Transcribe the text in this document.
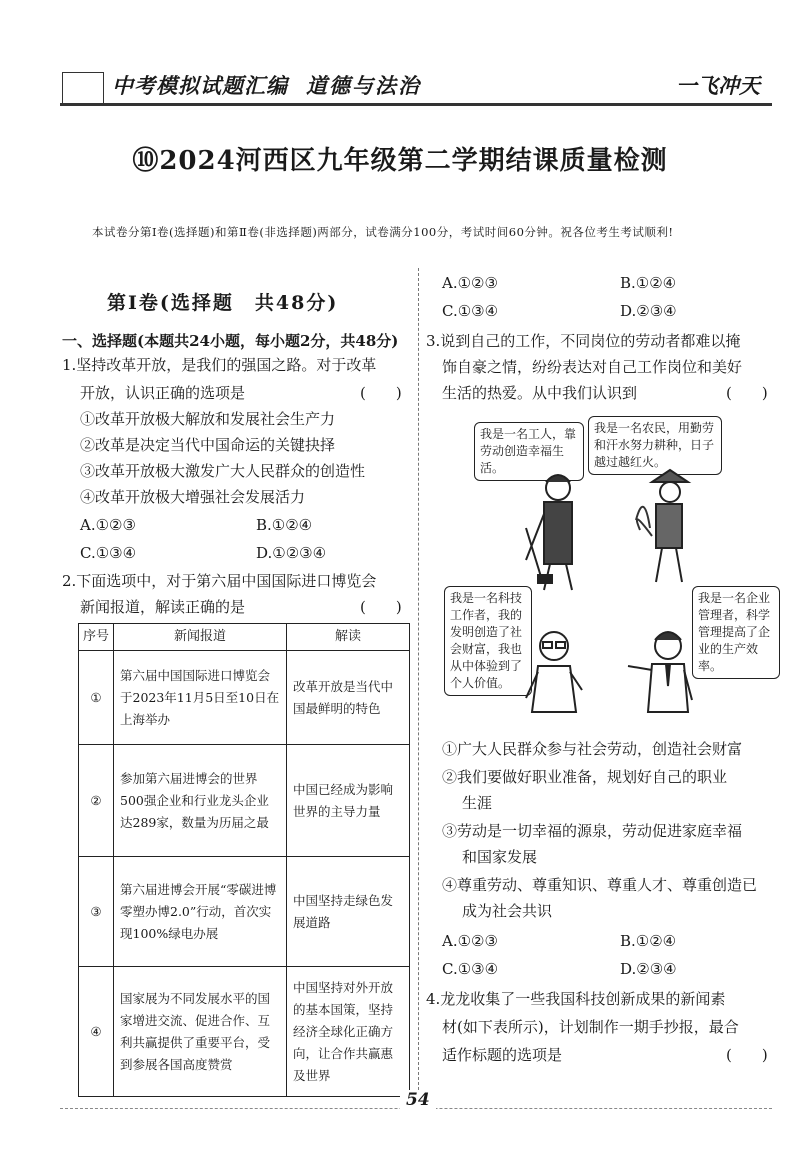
中考模拟试题汇编 道德与法治	一飞冲天
⑩2024河西区九年级第二学期结课质量检测
本试卷分第Ⅰ卷(选择题)和第Ⅱ卷(非选择题)两部分，试卷满分100分，考试时间60分钟。祝各位考生考试顺利!
第Ⅰ卷(选择题　共48分)
一、选择题(本题共24小题，每小题2分，共48分)
1.坚持改革开放，是我们的强国之路。对于改革
开放，认识正确的选项是	(　　)
①改革开放极大解放和发展社会生产力
②改革是决定当代中国命运的关键抉择
③改革开放极大激发广大人民群众的创造性
④改革开放极大增强社会发展活力
A.①②③	B.①②④
C.①③④	D.①②③④
2.下面选项中，对于第六届中国国际进口博览会
新闻报道，解读正确的是	(　　)
序号	新闻报道	解读
①	第六届中国国际进口博览会于2023年11月5日至10日在上海举办	改革开放是当代中国最鲜明的特色
②	参加第六届进博会的世界500强企业和行业龙头企业达289家，数量为历届之最	中国已经成为影响世界的主导力量
③	第六届进博会开展“零碳进博　零塑办博2.0”行动，首次实现100%绿电办展	中国坚持走绿色发展道路
④	国家展为不同发展水平的国家增进交流、促进合作、互利共赢提供了重要平台，受到参展各国高度赞赏	中国坚持对外开放的基本国策，坚持经济全球化正确方向，让合作共赢惠及世界
A.①②③	B.①②④
C.①③④	D.②③④
3.说到自己的工作，不同岗位的劳动者都难以掩
饰自豪之情，纷纷表达对自己工作岗位和美好
生活的热爱。从中我们认识到	(　　)
我是一名工人，靠劳动创造幸福生活。
我是一名农民，用勤劳和汗水努力耕种，日子越过越红火。
我是一名科技工作者，我的发明创造了社会财富，我也从中体验到了个人价值。
我是一名企业管理者，科学管理提高了企业的生产效率。
①广大人民群众参与社会劳动，创造社会财富
②我们要做好职业准备，规划好自己的职业
生涯
③劳动是一切幸福的源泉，劳动促进家庭幸福
和国家发展
④尊重劳动、尊重知识、尊重人才、尊重创造已
成为社会共识
A.①②③	B.①②④
C.①③④	D.②③④
4.龙龙收集了一些我国科技创新成果的新闻素
材(如下表所示)，计划制作一期手抄报，最合
适作标题的选项是	(　　)
54
